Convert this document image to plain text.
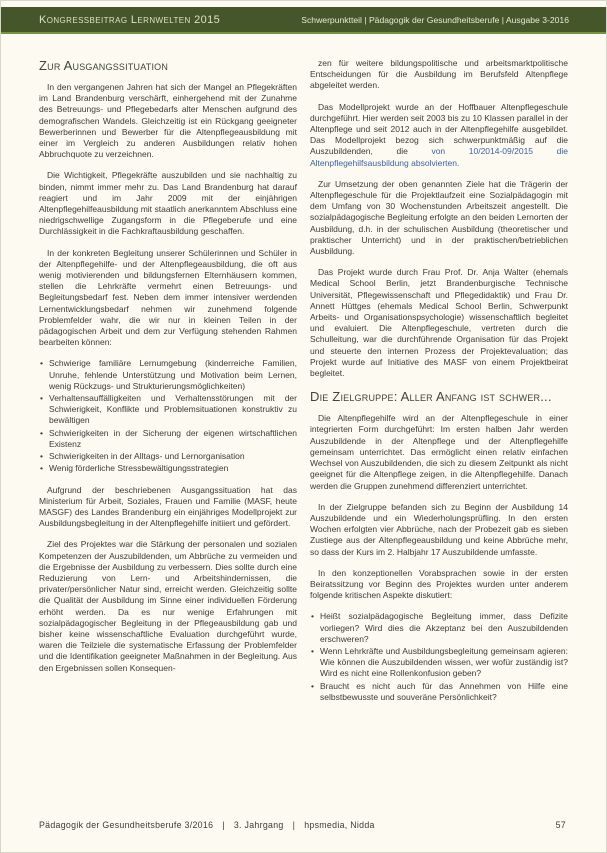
Kongressbeitrag Lernwelten 2015	Schwerpunktteil | Pädagogik der Gesundheitsberufe | Ausgabe 3-2016
Zur Ausgangssituation

In den vergangenen Jahren hat sich der Mangel an Pflegekräften im Land Brandenburg verschärft, einhergehend mit der Zunahme des Betreuungs- und Pflegebedarfs alter Menschen aufgrund des demografischen Wandels. Gleichzeitig ist ein Rückgang geeigneter Bewerberinnen und Bewerber für die Altenpflegeausbildung mit einer im Vergleich zu anderen Ausbildungen relativ hohen Abbruchquote zu verzeichnen.

Die Wichtigkeit, Pflegekräfte auszubilden und sie nachhaltig zu binden, nimmt immer mehr zu. Das Land Brandenburg hat darauf reagiert und im Jahr 2009 mit der einjährigen Altenpflegehilfeausbildung mit staatlich anerkanntem Abschluss eine niedrigschwellige Zugangsform in die Pflegeberufe und eine Durchlässigkeit in die Fachkraftausbildung geschaffen.

In der konkreten Begleitung unserer Schülerinnen und Schüler in der Altenpflegehilfe- und der Altenpflegeausbildung, die oft aus wenig motivierenden und bildungsfernen Elternhäusern kommen, stellen die Lehrkräfte vermehrt einen Betreuungs- und Begleitungsbedarf fest. Neben dem immer intensiver werdenden Lernentwicklungsbedarf nehmen wir zunehmend folgende Problemfelder wahr, die wir nur in kleinen Teilen in der pädagogischen Arbeit und dem zur Verfügung stehenden Rahmen bearbeiten können:

• Schwierige familiäre Lernumgebung (kinderreiche Familien, Unruhe, fehlende Unterstützung und Motivation beim Lernen, wenig Rückzugs- und Strukturierungsmöglichkeiten)
• Verhaltensauffälligkeiten und Verhaltensstörungen mit der Schwierigkeit, Konflikte und Problemsituationen konstruktiv zu bewältigen
• Schwierigkeiten in der Sicherung der eigenen wirtschaftlichen Existenz
• Schwierigkeiten in der Alltags- und Lernorganisation
• Wenig förderliche Stressbewältigungsstrategien

Aufgrund der beschriebenen Ausgangssituation hat das Ministerium für Arbeit, Soziales, Frauen und Familie (MASF, heute MASGF) des Landes Brandenburg ein einjähriges Modellprojekt zur Ausbildungsbegleitung in der Altenpflegehilfe initiiert und gefördert.

Ziel des Projektes war die Stärkung der personalen und sozialen Kompetenzen der Auszubildenden, um Abbrüche zu vermeiden und die Ergebnisse der Ausbildung zu verbessern. Dies sollte durch eine Reduzierung von Lern- und Arbeitshindernissen, die privater/persönlicher Natur sind, erreicht werden. Gleichzeitig sollte die Qualität der Ausbildung im Sinne einer individuellen Förderung erhöht werden. Da es nur wenige Erfahrungen mit sozialpädagogischer Begleitung in der Pflegeausbildung gab und bisher keine wissenschaftliche Evaluation durchgeführt wurde, waren die Teilziele die systematische Erfassung der Problemfelder und die Identifikation geeigneter Maßnahmen in der Begleitung. Aus den Ergebnissen sollen Konsequen-

zen für weitere bildungspolitische und arbeitsmarktpolitische Entscheidungen für die Ausbildung im Berufsfeld Altenpflege abgeleitet werden.

Das Modellprojekt wurde an der Hoffbauer Altenpflegeschule durchgeführt. Hier werden seit 2003 bis zu 10 Klassen parallel in der Altenpflege und seit 2012 auch in der Altenpflegehilfe ausgebildet. Das Modellprojekt bezog sich schwerpunktmäßig auf die Auszubildenden, die	von 10/2014-09/2015 die Altenpflegehilfsausbildung absolvierten.

Zur Umsetzung der oben genannten Ziele hat die Trägerin der Altenpflegeschule für die Projektlaufzeit eine Sozialpädagogin mit dem Umfang von 30 Wochenstunden Arbeitszeit angestellt. Die sozialpädagogische Begleitung erfolgte an den beiden Lernorten der Ausbildung, d.h. in der schulischen Ausbildung (theoretischer und praktischer Unterricht) und in der praktischen/betrieblichen Ausbildung.

Das Projekt wurde durch Frau Prof. Dr. Anja Walter (ehemals Medical School Berlin, jetzt Brandenburgische Technische Universität, Pflegewissenschaft und Pflegedidaktik) und Frau Dr. Annett Hüttges (ehemals Medical School Berlin, Schwerpunkt Arbeits- und Organisationspsychologie) wissenschaftlich begleitet und evaluiert. Die Altenpflegeschule, vertreten durch die Schulleitung, war die durchführende Organisation für das Projekt und steuerte den internen Prozess der Projektevaluation; das Projekt wurde auf Initiative des MASF von einem Projektbeirat begleitet.

Die Zielgruppe: Aller Anfang ist schwer...

Die Altenpflegehilfe wird an der Altenpflegeschule in einer integrierten Form durchgeführt: Im ersten halben Jahr werden Auszubildende in der Altenpflege und der Altenpflegehilfe gemeinsam unterrichtet. Das ermöglicht einen relativ einfachen Wechsel von Auszubildenden, die sich zu diesem Zeitpunkt als nicht geeignet für die Altenpflege zeigen, in die Altenpflegehilfe. Danach werden die Gruppen zunehmend differenziert unterrichtet.

In der Zielgruppe befanden sich zu Beginn der Ausbildung 14 Auszubildende und ein Wiederholungsprüfling. In den ersten Wochen erfolgten vier Abbrüche, nach der Probezeit gab es sieben Zustiege aus der Altenpflegeausbildung und keine Abbrüche mehr, so dass der Kurs im 2. Halbjahr 17 Auszubildende umfasste.

In den konzeptionellen Vorabsprachen sowie in der ersten Beiratssitzung vor Beginn des Projektes wurden unter anderem folgende kritischen Aspekte diskutiert:

• Heißt sozialpädagogische Begleitung immer, dass Defizite vorliegen? Wird dies die Akzeptanz bei den Auszubildenden erschweren?
• Wenn Lehrkräfte und Ausbildungsbegleitung gemeinsam agieren: Wie können die Auszubildenden wissen, wer wofür zuständig ist? Wird es nicht eine Rollenkonfusion geben?
• Braucht es nicht auch für das Annehmen von Hilfe eine selbstbewusste und souveräne Persönlichkeit?
Pädagogik der Gesundheitsberufe 3/2016 | 3. Jahrgang | hpsmedia, Nidda	57
